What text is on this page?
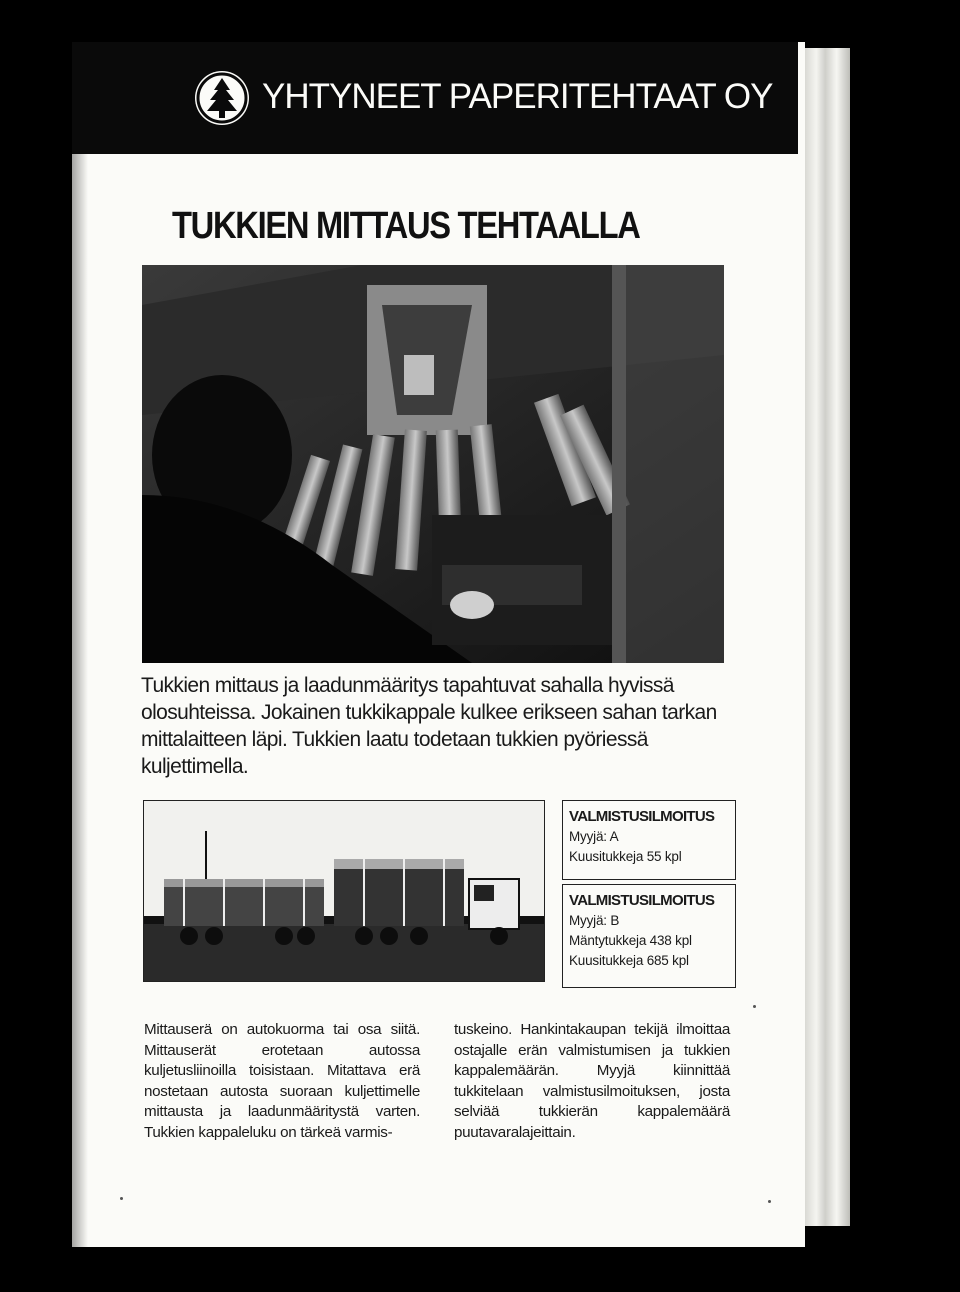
YHTYNEET PAPERITEHTAAT OY
TUKKIEN MITTAUS TEHTAALLA
Tukkien mittaus ja laadunmääritys tapahtuvat sahalla hyvissä olosuhteissa. Jokainen tukkikappale kulkee erikseen sahan tarkan mittalaitteen läpi. Tukkien laatu todetaan tukkien pyöriessä kuljettimella.
VALMISTUSILMOITUS
Myyjä: A
Kuusitukkeja 55 kpl
VALMISTUSILMOITUS
Myyjä: B
Mäntytukkeja 438 kpl
Kuusitukkeja 685 kpl
Mittauserä on autokuorma tai osa siitä. Mittauserät erotetaan autossa kuljetusliinoilla toisistaan. Mitattava erä nostetaan autosta suoraan kuljettimelle mittausta ja laadunmääritystä varten. Tukkien kappaleluku on tärkeä varmis-
tuskeino. Hankintakaupan tekijä ilmoittaa ostajalle erän valmistumisen ja tukkien kappalemäärän. Myyjä kiinnittää tukkitelaan valmistusilmoituksen, josta selviää tukkierän kappalemäärä puutavaralajeittain.
